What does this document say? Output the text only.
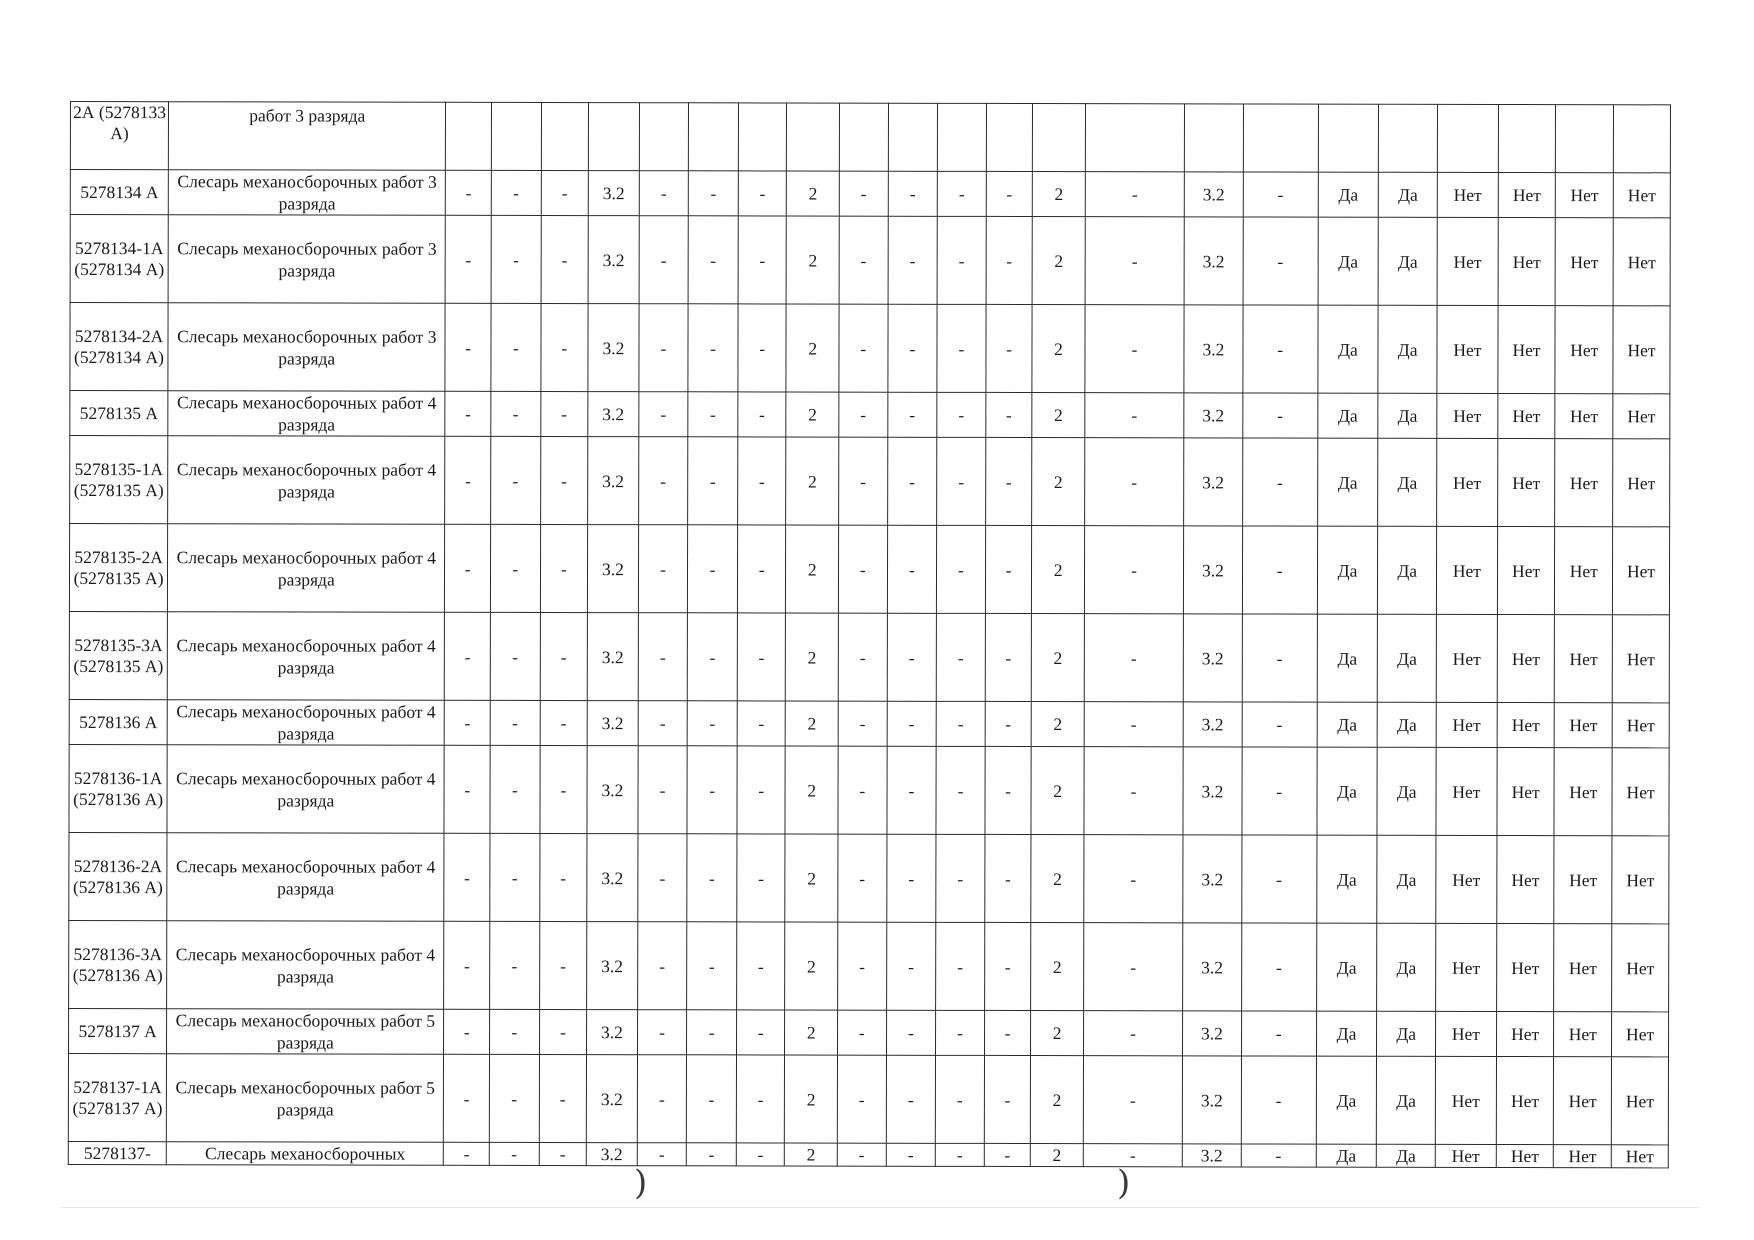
2А (5278133 А)	работ 3 разряда																						
5278134 А	Слесарь механосборочных работ 3 разряда	-	-	-	3.2	-	-	-	2	-	-	-	-	2	-	3.2	-	Да	Да	Нет	Нет	Нет	Нет
5278134-1А (5278134 А)	Слесарь механосборочных работ 3 разряда	-	-	-	3.2	-	-	-	2	-	-	-	-	2	-	3.2	-	Да	Да	Нет	Нет	Нет	Нет
5278134-2А (5278134 А)	Слесарь механосборочных работ 3 разряда	-	-	-	3.2	-	-	-	2	-	-	-	-	2	-	3.2	-	Да	Да	Нет	Нет	Нет	Нет
5278135 А	Слесарь механосборочных работ 4 разряда	-	-	-	3.2	-	-	-	2	-	-	-	-	2	-	3.2	-	Да	Да	Нет	Нет	Нет	Нет
5278135-1А (5278135 А)	Слесарь механосборочных работ 4 разряда	-	-	-	3.2	-	-	-	2	-	-	-	-	2	-	3.2	-	Да	Да	Нет	Нет	Нет	Нет
5278135-2А (5278135 А)	Слесарь механосборочных работ 4 разряда	-	-	-	3.2	-	-	-	2	-	-	-	-	2	-	3.2	-	Да	Да	Нет	Нет	Нет	Нет
5278135-3А (5278135 А)	Слесарь механосборочных работ 4 разряда	-	-	-	3.2	-	-	-	2	-	-	-	-	2	-	3.2	-	Да	Да	Нет	Нет	Нет	Нет
5278136 А	Слесарь механосборочных работ 4 разряда	-	-	-	3.2	-	-	-	2	-	-	-	-	2	-	3.2	-	Да	Да	Нет	Нет	Нет	Нет
5278136-1А (5278136 А)	Слесарь механосборочных работ 4 разряда	-	-	-	3.2	-	-	-	2	-	-	-	-	2	-	3.2	-	Да	Да	Нет	Нет	Нет	Нет
5278136-2А (5278136 А)	Слесарь механосборочных работ 4 разряда	-	-	-	3.2	-	-	-	2	-	-	-	-	2	-	3.2	-	Да	Да	Нет	Нет	Нет	Нет
5278136-3А (5278136 А)	Слесарь механосборочных работ 4 разряда	-	-	-	3.2	-	-	-	2	-	-	-	-	2	-	3.2	-	Да	Да	Нет	Нет	Нет	Нет
5278137 А	Слесарь механосборочных работ 5 разряда	-	-	-	3.2	-	-	-	2	-	-	-	-	2	-	3.2	-	Да	Да	Нет	Нет	Нет	Нет
5278137-1А (5278137 А)	Слесарь механосборочных работ 5 разряда	-	-	-	3.2	-	-	-	2	-	-	-	-	2	-	3.2	-	Да	Да	Нет	Нет	Нет	Нет
5278137-	Слесарь механосборочных	-	-	-	3.2	-	-	-	2	-	-	-	-	2	-	3.2	-	Да	Да	Нет	Нет	Нет	Нет
)	)
